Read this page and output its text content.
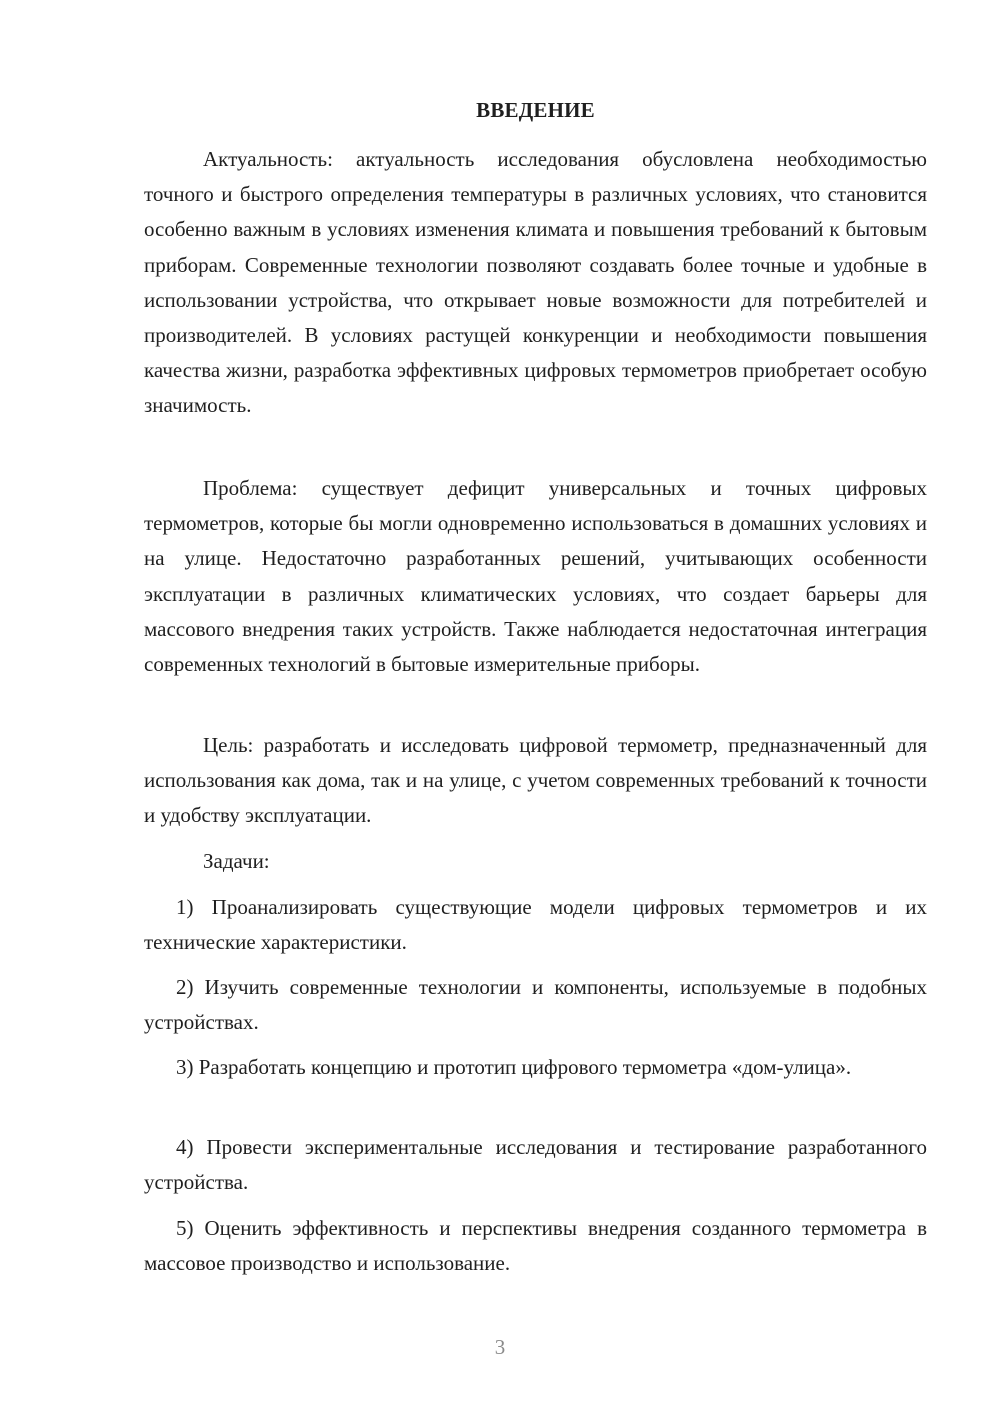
ВВЕДЕНИЕ

Актуальность: актуальность исследования обусловлена необходимостью точного и быстрого определения температуры в различных условиях, что становится особенно важным в условиях изменения климата и повышения требований к бытовым приборам. Современные технологии позволяют создавать более точные и удобные в использовании устройства, что открывает новые возможности для потребителей и производителей. В условиях растущей конкуренции и необходимости повышения качества жизни, разработка эффективных цифровых термометров приобретает особую значимость.

Проблема: существует дефицит универсальных и точных цифровых термометров, которые бы могли одновременно использоваться в домашних условиях и на улице. Недостаточно разработанных решений, учитывающих особенности эксплуатации в различных климатических условиях, что создает барьеры для массового внедрения таких устройств. Также наблюдается недостаточная интеграция современных технологий в бытовые измерительные приборы.

Цель: разработать и исследовать цифровой термометр, предназначенный для использования как дома, так и на улице, с учетом современных требований к точности и удобству эксплуатации.

Задачи:

1) Проанализировать существующие модели цифровых термометров и их технические характеристики.

2) Изучить современные технологии и компоненты, используемые в подобных устройствах.

3) Разработать концепцию и прототип цифрового термометра «дом-улица».

4) Провести экспериментальные исследования и тестирование разработанного устройства.

5) Оценить эффективность и перспективы внедрения созданного термометра в массовое производство и использование.

3
